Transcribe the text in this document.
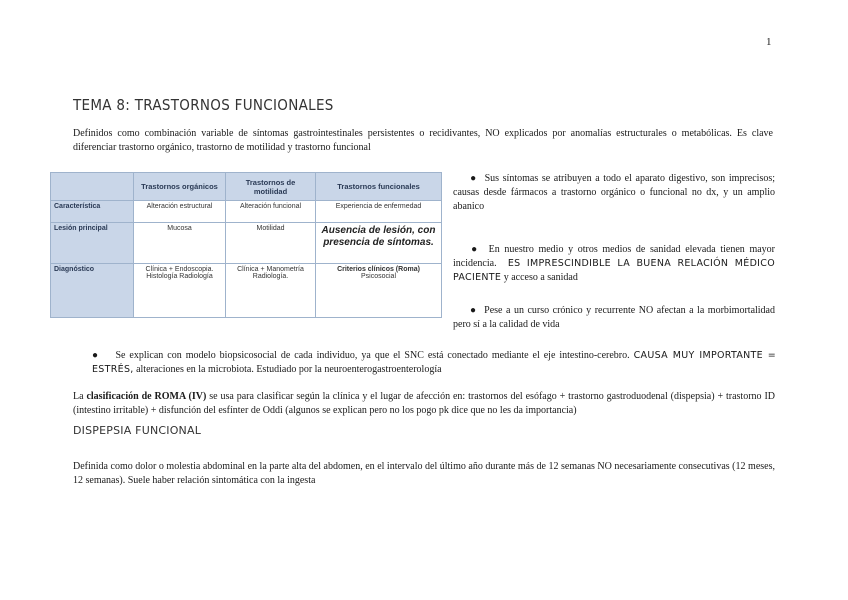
1
TEMA 8: TRASTORNOS FUNCIONALES
Definidos como combinación variable de síntomas gastrointestinales persistentes o recidivantes, NO explicados por anomalías estructurales o metabólicas. Es clave diferenciar trastorno orgánico, trastorno de motilidad y trastorno funcional
	Trastornos orgánicos	Trastornos de motilidad	Trastornos funcionales
Característica	Alteración estructural	Alteración funcional	Experiencia de enfermedad
Lesión principal	Mucosa	Motilidad	Ausencia de lesión, con presencia de síntomas.
Diagnóstico	Clínica + Endoscopia. Histología Radiología	Clínica + Manometría Radiología.	Criterios clínicos (Roma)
Psicosocial
● Sus síntomas se atribuyen a todo el aparato digestivo, son imprecisos; causas desde fármacos a trastorno orgánico o funcional no dx, y un amplio abanico
● En nuestro medio y otros medios de sanidad elevada tienen mayor incidencia. ES IMPRESCINDIBLE LA BUENA RELACIÓN MÉDICO PACIENTE y acceso a sanidad
● Pese a un curso crónico y recurrente NO afectan a la morbimortalidad pero sí a la calidad de vida
● Se explican con modelo biopsicosocial de cada individuo, ya que el SNC está conectado mediante el eje intestino-cerebro. CAUSA MUY IMPORTANTE = ESTRÉS, alteraciones en la microbiota. Estudiado por la neuroenterogastroenterología
La clasificación de ROMA (IV) se usa para clasificar según la clínica y el lugar de afección en: trastornos del esófago + trastorno gastroduodenal (dispepsia) + trastorno ID (intestino irritable) + disfunción del esfínter de Oddi (algunos se explican pero no los pogo pk dice que no les da importancia)
DISPEPSIA FUNCIONAL
Definida como dolor o molestia abdominal en la parte alta del abdomen, en el intervalo del último año durante más de 12 semanas NO necesariamente consecutivas (12 meses, 12 semanas). Suele haber relación sintomática con la ingesta
